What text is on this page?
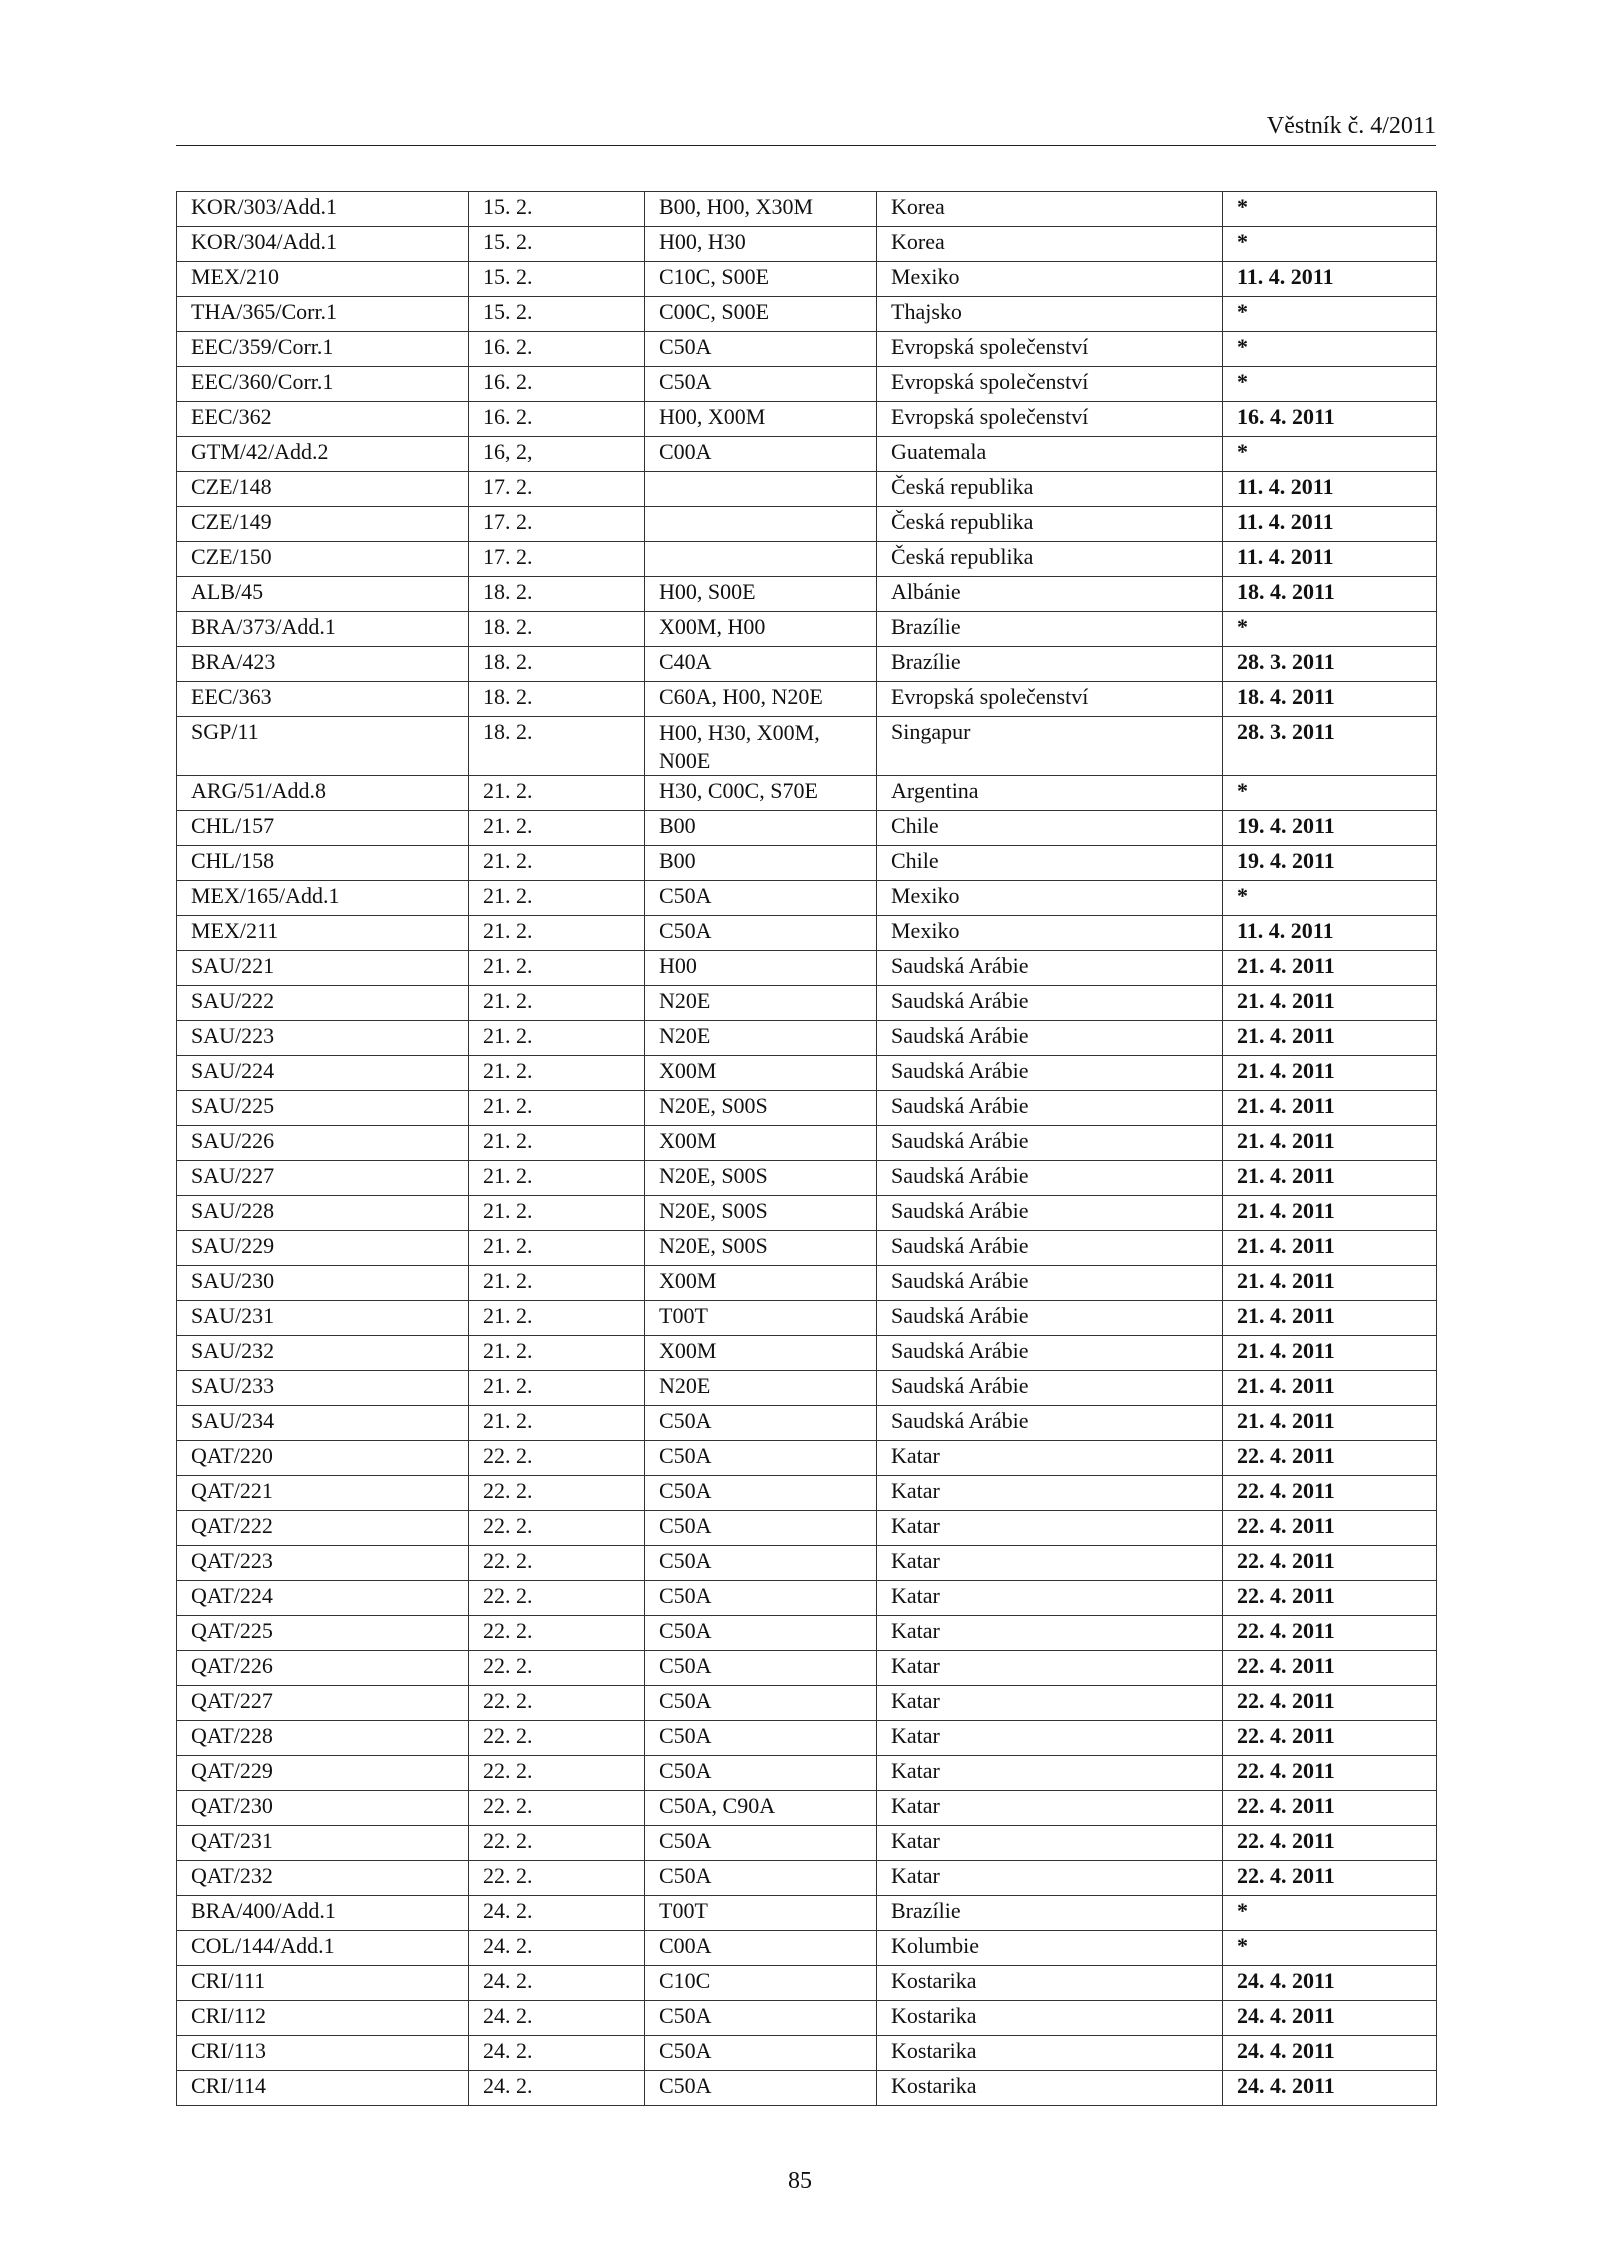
Věstník č. 4/2011
KOR/303/Add.1	15. 2.	B00, H00, X30M	Korea	*
KOR/304/Add.1	15. 2.	H00, H30	Korea	*
MEX/210	15. 2.	C10C, S00E	Mexiko	11. 4. 2011
THA/365/Corr.1	15. 2.	C00C, S00E	Thajsko	*
EEC/359/Corr.1	16. 2.	C50A	Evropská společenství	*
EEC/360/Corr.1	16. 2.	C50A	Evropská společenství	*
EEC/362	16. 2.	H00, X00M	Evropská společenství	16. 4. 2011
GTM/42/Add.2	16, 2,	C00A	Guatemala	*
CZE/148	17. 2.		Česká republika	11. 4. 2011
CZE/149	17. 2.		Česká republika	11. 4. 2011
CZE/150	17. 2.		Česká republika	11. 4. 2011
ALB/45	18. 2.	H00, S00E	Albánie	18. 4. 2011
BRA/373/Add.1	18. 2.	X00M, H00	Brazílie	*
BRA/423	18. 2.	C40A	Brazílie	28. 3. 2011
EEC/363	18. 2.	C60A, H00, N20E	Evropská společenství	18. 4. 2011
SGP/11	18. 2.	H00, H30, X00M, N00E	Singapur	28. 3. 2011
ARG/51/Add.8	21. 2.	H30, C00C, S70E	Argentina	*
CHL/157	21. 2.	B00	Chile	19. 4. 2011
CHL/158	21. 2.	B00	Chile	19. 4. 2011
MEX/165/Add.1	21. 2.	C50A	Mexiko	*
MEX/211	21. 2.	C50A	Mexiko	11. 4. 2011
SAU/221	21. 2.	H00	Saudská Arábie	21. 4. 2011
SAU/222	21. 2.	N20E	Saudská Arábie	21. 4. 2011
SAU/223	21. 2.	N20E	Saudská Arábie	21. 4. 2011
SAU/224	21. 2.	X00M	Saudská Arábie	21. 4. 2011
SAU/225	21. 2.	N20E, S00S	Saudská Arábie	21. 4. 2011
SAU/226	21. 2.	X00M	Saudská Arábie	21. 4. 2011
SAU/227	21. 2.	N20E, S00S	Saudská Arábie	21. 4. 2011
SAU/228	21. 2.	N20E, S00S	Saudská Arábie	21. 4. 2011
SAU/229	21. 2.	N20E, S00S	Saudská Arábie	21. 4. 2011
SAU/230	21. 2.	X00M	Saudská Arábie	21. 4. 2011
SAU/231	21. 2.	T00T	Saudská Arábie	21. 4. 2011
SAU/232	21. 2.	X00M	Saudská Arábie	21. 4. 2011
SAU/233	21. 2.	N20E	Saudská Arábie	21. 4. 2011
SAU/234	21. 2.	C50A	Saudská Arábie	21. 4. 2011
QAT/220	22. 2.	C50A	Katar	22. 4. 2011
QAT/221	22. 2.	C50A	Katar	22. 4. 2011
QAT/222	22. 2.	C50A	Katar	22. 4. 2011
QAT/223	22. 2.	C50A	Katar	22. 4. 2011
QAT/224	22. 2.	C50A	Katar	22. 4. 2011
QAT/225	22. 2.	C50A	Katar	22. 4. 2011
QAT/226	22. 2.	C50A	Katar	22. 4. 2011
QAT/227	22. 2.	C50A	Katar	22. 4. 2011
QAT/228	22. 2.	C50A	Katar	22. 4. 2011
QAT/229	22. 2.	C50A	Katar	22. 4. 2011
QAT/230	22. 2.	C50A, C90A	Katar	22. 4. 2011
QAT/231	22. 2.	C50A	Katar	22. 4. 2011
QAT/232	22. 2.	C50A	Katar	22. 4. 2011
BRA/400/Add.1	24. 2.	T00T	Brazílie	*
COL/144/Add.1	24. 2.	C00A	Kolumbie	*
CRI/111	24. 2.	C10C	Kostarika	24. 4. 2011
CRI/112	24. 2.	C50A	Kostarika	24. 4. 2011
CRI/113	24. 2.	C50A	Kostarika	24. 4. 2011
CRI/114	24. 2.	C50A	Kostarika	24. 4. 2011
85
